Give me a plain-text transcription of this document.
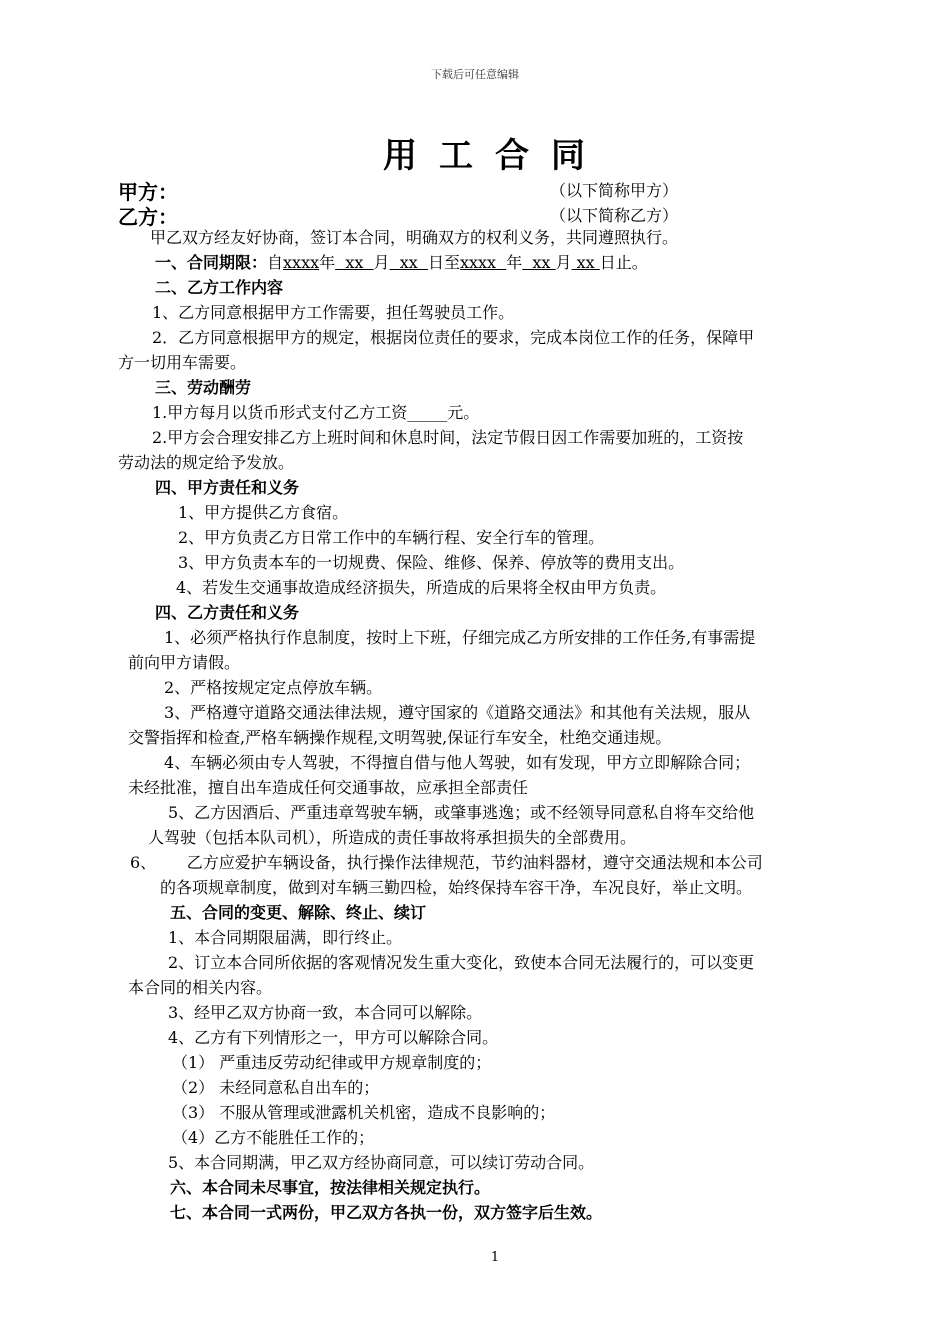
下载后可任意编辑
用工合同
甲方：	（以下简称甲方）
乙方：	（以下简称乙方）
甲乙双方经友好协商，签订本合同，明确双方的权利义务，共同遵照执行。
一、合同期限：自xxxx年  xx  月  xx  日至xxxx  年  xx 月 xx 日止。
二、乙方工作内容
1、乙方同意根据甲方工作需要，担任驾驶员工作。
2．乙方同意根据甲方的规定，根据岗位责任的要求，完成本岗位工作的任务，保障甲
方一切用车需要。
三、劳动酬劳
1.甲方每月以货币形式支付乙方工资_____元。
2.甲方会合理安排乙方上班时间和休息时间，法定节假日因工作需要加班的，工资按
劳动法的规定给予发放。
四、甲方责任和义务
1、甲方提供乙方食宿。
2、甲方负责乙方日常工作中的车辆行程、安全行车的管理。
3、甲方负责本车的一切规费、保险、维修、保养、停放等的费用支出。
4、若发生交通事故造成经济损失，所造成的后果将全权由甲方负责。
四、乙方责任和义务
1、必须严格执行作息制度，按时上下班，仔细完成乙方所安排的工作任务,有事需提
前向甲方请假。
2、严格按规定定点停放车辆。
3、严格遵守道路交通法律法规，遵守国家的《道路交通法》和其他有关法规，服从
交警指挥和检查,严格车辆操作规程,文明驾驶,保证行车安全，杜绝交通违规。
4、车辆必须由专人驾驶，不得擅自借与他人驾驶，如有发现，甲方立即解除合同；
未经批准，擅自出车造成任何交通事故，应承担全部责任
5、乙方因酒后、严重违章驾驶车辆，或肇事逃逸；或不经领导同意私自将车交给他
人驾驶（包括本队司机），所造成的责任事故将承担损失的全部费用。
6、      乙方应爱护车辆设备，执行操作法律规范，节约油料器材，遵守交通法规和本公司
的各项规章制度，做到对车辆三勤四检，始终保持车容干净，车况良好，举止文明。
五、合同的变更、解除、终止、续订
1、本合同期限届满，即行终止。
2、订立本合同所依据的客观情况发生重大变化，致使本合同无法履行的，可以变更
本合同的相关内容。
3、经甲乙双方协商一致，本合同可以解除。
4、乙方有下列情形之一，甲方可以解除合同。
（1） 严重违反劳动纪律或甲方规章制度的；
（2） 未经同意私自出车的；
（3） 不服从管理或泄露机关机密，造成不良影响的；
（4）乙方不能胜任工作的；
5、本合同期满，甲乙双方经协商同意，可以续订劳动合同。
六、本合同未尽事宜，按法律相关规定执行。
七、本合同一式两份，甲乙双方各执一份，双方签字后生效。
1
